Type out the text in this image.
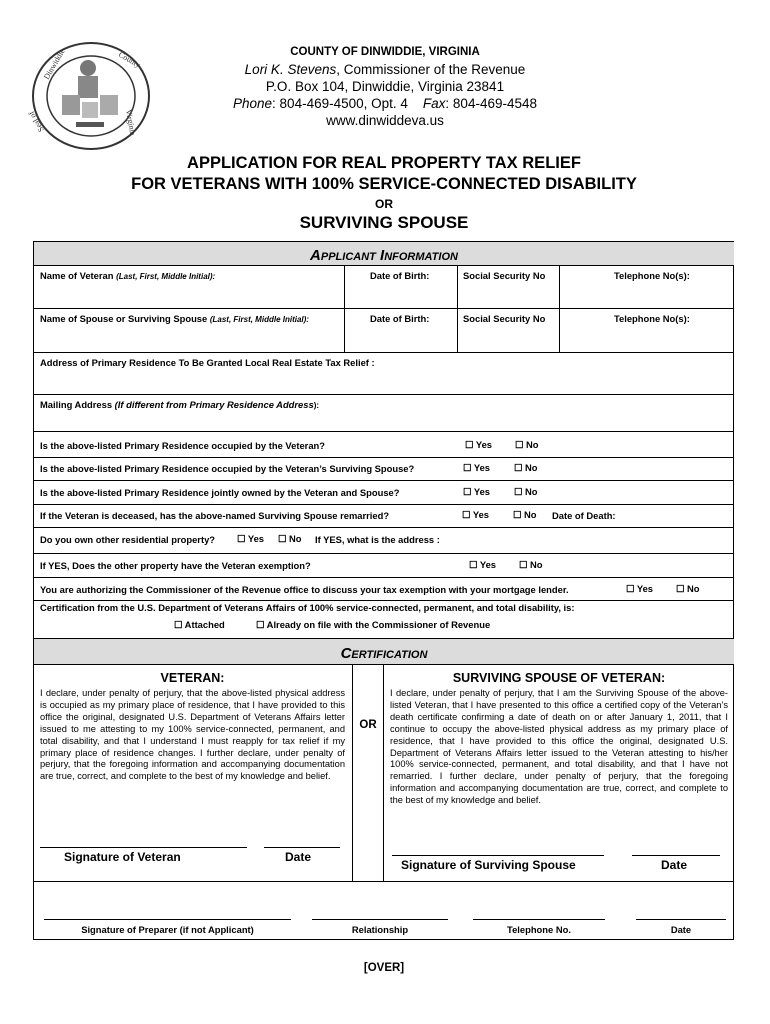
Dinwiddie	County
Virginia
Seal of
COUNTY OF DINWIDDIE, VIRGINIA
Lori K. Stevens, Commissioner of the Revenue
P.O. Box 104, Dinwiddie, Virginia 23841
Phone: 804-469-4500, Opt. 4 Fax: 804-469-4548
www.dinwiddeva.us
APPLICATION FOR REAL PROPERTY TAX RELIEF
FOR VETERANS WITH 100% SERVICE-CONNECTED DISABILITY
OR
SURVIVING SPOUSE
Applicant Information
Name of Veteran (Last, First, Middle Initial):	Date of Birth:	Social Security No	Telephone No(s):
Name of Spouse or Surviving Spouse (Last, First, Middle Initial):	Date of Birth:	Social Security No	Telephone No(s):
Address of Primary Residence To Be Granted Local Real Estate Tax Relief :
Mailing Address (If different from Primary Residence Address):
Is the above-listed Primary Residence occupied by the Veteran?	☐ Yes ☐ No
Is the above-listed Primary Residence occupied by the Veteran’s Surviving Spouse?	☐ Yes	☐ No
Is the above-listed Primary Residence jointly owned by the Veteran and Spouse?	☐ Yes	☐ No
If the Veteran is deceased, has the above-named Surviving Spouse remarried?	☐ Yes	☐ No Date of Death:
Do you own other residential property? ☐ Yes ☐ No If YES, what is the address :
If YES, Does the other property have the Veteran exemption?	☐ Yes ☐ No
You are authorizing the Commissioner of the Revenue office to discuss your tax exemption with your mortgage lender.	☐ Yes ☐ No
Certification from the U.S. Department of Veterans Affairs of 100% service-connected, permanent, and total disability, is:
☐ Attached	☐ Already on file with the Commissioner of Revenue
Certification
VETERAN:
I declare, under penalty of perjury, that the above-listed physical address is occupied as my primary place of residence, that I have provided to this office the original, designated U.S. Department of Veterans Affairs letter issued to me attesting to my 100% service-connected, permanent, and total disability, and that I understand I must reapply for tax relief if my primary place of residence changes. I further declare, under penalty of perjury, that the foregoing information and accompanying documentation are true, correct, and complete to the best of my knowledge and belief.
OR
SURVIVING SPOUSE OF VETERAN:
I declare, under penalty of perjury, that I am the Surviving Spouse of the above-listed Veteran, that I have presented to this office a certified copy of the Veteran’s death certificate confirming a date of death on or after January 1, 2011, that I continue to occupy the above-listed physical address as my primary place of residence, that I have provided to this office the original, designated U.S. Department of Veterans Affairs letter issued to the Veteran attesting to his/her 100% service-connected, permanent, and total disability, and that I have not remarried. I further declare, under penalty of perjury, that the foregoing information and accompanying documentation are true, correct, and complete to the best of my knowledge and belief.
Signature of Veteran	Date
Signature of Surviving Spouse	Date
Signature of Preparer (if not Applicant)	Relationship	Telephone No.	Date
[OVER]
